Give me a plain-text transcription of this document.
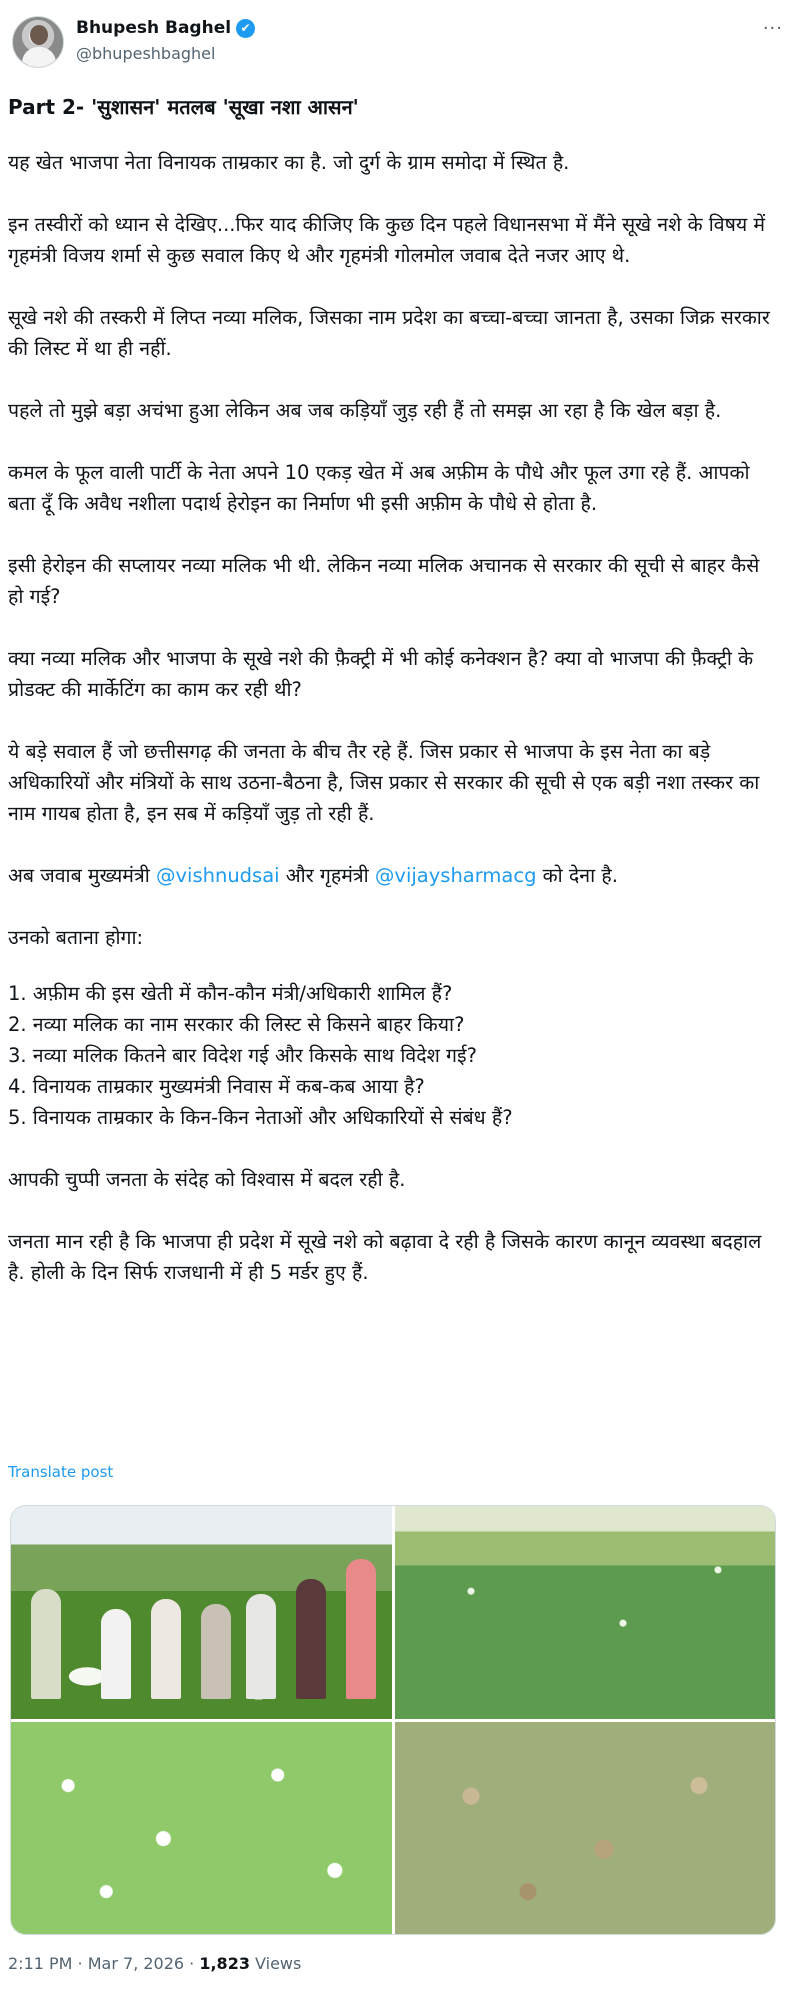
Bhupesh Baghel ✔
@bhupeshbaghel
···

Part 2- 'सुशासन' मतलब 'सूखा नशा आसन'

यह खेत भाजपा नेता विनायक ताम्रकार का है. जो दुर्ग के ग्राम समोदा में स्थित है.

इन तस्वीरों को ध्यान से देखिए...फिर याद कीजिए कि कुछ दिन पहले विधानसभा में मैंने सूखे नशे के विषय में गृहमंत्री विजय शर्मा से कुछ सवाल किए थे और गृहमंत्री गोलमोल जवाब देते नजर आए थे.

सूखे नशे की तस्करी में लिप्त नव्या मलिक, जिसका नाम प्रदेश का बच्चा-बच्चा जानता है, उसका जिक्र सरकार की लिस्ट में था ही नहीं.

पहले तो मुझे बड़ा अचंभा हुआ लेकिन अब जब कड़ियाँ जुड़ रही हैं तो समझ आ रहा है कि खेल बड़ा है.

कमल के फूल वाली पार्टी के नेता अपने 10 एकड़ खेत में अब अफ़ीम के पौधे और फूल उगा रहे हैं. आपको बता दूँ कि अवैध नशीला पदार्थ हेरोइन का निर्माण भी इसी अफ़ीम के पौधे से होता है.

इसी हेरोइन की सप्लायर नव्या मलिक भी थी. लेकिन नव्या मलिक अचानक से सरकार की सूची से बाहर कैसे हो गई?

क्या नव्या मलिक और भाजपा के सूखे नशे की फ़ैक्ट्री में भी कोई कनेक्शन है? क्या वो भाजपा की फ़ैक्ट्री के प्रोडक्ट की मार्केटिंग का काम कर रही थी?

ये बड़े सवाल हैं जो छत्तीसगढ़ की जनता के बीच तैर रहे हैं. जिस प्रकार से भाजपा के इस नेता का बड़े अधिकारियों और मंत्रियों के साथ उठना-बैठना है, जिस प्रकार से सरकार की सूची से एक बड़ी नशा तस्कर का नाम गायब होता है, इन सब में कड़ियाँ जुड़ तो रही हैं.

अब जवाब मुख्यमंत्री @vishnudsai और गृहमंत्री @vijaysharmacg को देना है.

उनको बताना होगा:

1. अफ़ीम की इस खेती में कौन-कौन मंत्री/अधिकारी शामिल हैं?
2. नव्या मलिक का नाम सरकार की लिस्ट से किसने बाहर किया?
3. नव्या मलिक कितने बार विदेश गई और किसके साथ विदेश गई?
4. विनायक ताम्रकार मुख्यमंत्री निवास में कब-कब आया है?
5. विनायक ताम्रकार के किन-किन नेताओं और अधिकारियों से संबंध हैं?

आपकी चुप्पी जनता के संदेह को विश्वास में बदल रही है.

जनता मान रही है कि भाजपा ही प्रदेश में सूखे नशे को बढ़ावा दे रही है जिसके कारण कानून व्यवस्था बदहाल है. होली के दिन सिर्फ राजधानी में ही 5 मर्डर हुए हैं.

Translate post
2:11 PM · Mar 7, 2026 · 1,823 Views
